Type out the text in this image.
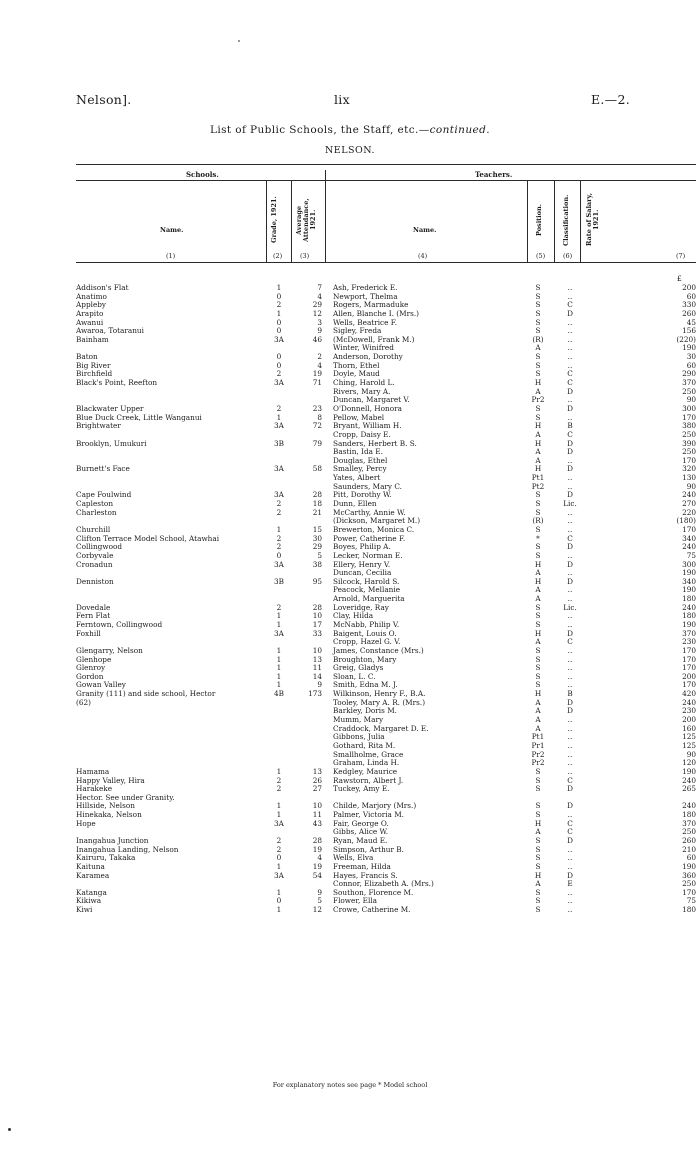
Nelson].	lix	E.—2.
List of Public Schools, the Staff, etc.—continued.
NELSON.
Schools.	Teachers.
Name.	Grade, 1921.	Average Attendance, 1921.	Name.	Position.	Classification. Rate of Salary, 1921.
(1)	(2)	(3)	(4)	(5)	(6)	(7)
£
Addison's Flat	1	7 Ash, Frederick E.	S	..	200
Anatimo	0	4 Newport, Thelma	S	..	60
Appleby	2	29 Rogers, Marmaduke	S	C	330
Arapito	1	12 Allen, Blanche I. (Mrs.)	S	D	260
Awanui	0	3 Wells, Beatrice F.	S	..	45
Awaroa, Totaranui	0	9 Sigley, Freda	S	..	156
Bainham	3A	46 (McDowell, Frank M.)	(R)	..	(220)
Winter, Winifred	A	..	190
Baton	0	2 Anderson, Dorothy	S	..	30
Big River	0	4 Thorn, Ethel	S	..	60
Birchfield	2	19 Doyle, Maud	S	C	290
Black's Point, Reefton	3A	71 Ching, Harold L.	H	C	370
Rivers, Mary A.	A	D	250
Duncan, Margaret V.	Pr2	..	90
Blackwater Upper	2	23 O'Donnell, Honora	S	D	300
Blue Duck Creek, Little Wanganui	1	8 Pellow, Mabel	S	..	170
Brightwater	3A	72 Bryant, William H.	H	B	380
Cropp, Daisy E.	A	C	250
Brooklyn, Umukuri	3B	79 Sanders, Herbert B. S.	H	D	390
Bastin, Ida E.	A	D	250
Douglas, Ethel	A	..	170
Burnett's Face	3A	58 Smalley, Percy	H	D	320
Yates, Albert	Pt1	..	130
Saunders, Mary C.	Pt2	..	90
Cape Foulwind	3A	28 Pitt, Dorothy W.	S	D	240
Capleston	2	18 Dunn, Ellen	S	Lic.	270
Charleston	2	21 McCarthy, Annie W.	S	..	220
(Dickson, Margaret M.)	(R)	..	(180)
Churchill	1	15 Brewerton, Monica C.	S	..	170
Clifton Terrace Model School, Atawhai	2	30 Power, Catherine F.	*	C	340
Collingwood	2	29 Boyes, Philip A.	S	D	240
Corbyvale	0	5 Lecker, Norman E.	S	..	75
Cronadun	3A	38 Ellery, Henry V.	H	D	300
Duncan, Cecilia	A	..	190
Denniston	3B	95 Silcock, Harold S.	H	D	340
Peacock, Mellanie	A	..	190
Arnold, Marguerita	A	..	180
Dovedale	2	28 Loveridge, Ray	S	Lic.	240
Fern Flat	1	10 Clay, Hilda	S	..	180
Ferntown, Collingwood	1	17 McNabb, Philip V.	S	..	190
Foxhill	3A	33 Baigent, Louis O.	H	D	370
Cropp, Hazel G. V.	A	C	230
Glengarry, Nelson	1	10 James, Constance (Mrs.)	S	..	170
Glenhope	1	13 Broughton, Mary	S	..	170
Glenroy	1	11 Greig, Gladys	S	..	170
Gordon	1	14 Sloan, L. C.	S	..	200
Gowan Valley	1	9 Smith, Edna M. J.	S	..	170
Granity (111) and side school, Hector	4B	173 Wilkinson, Henry F., B.A.	H	B	420
(62)	Tooley, Mary A. R. (Mrs.)	A	D	240
Barkley, Doris M.	A	D	230
Mumm, Mary	A	..	200
Craddock, Margaret D. E.	A	..	160
Gibbons, Julia	Pt1	..	125
Gothard, Rita M.	Pr1	..	125
Smallholme, Grace	Pr2	..	90
Graham, Linda H.	Pr2	..	120
Hamama	1	13 Kedgley, Maurice	S	..	190
Happy Valley, Hira	2	26 Rawstorn, Albert J.	S	C	240
Harakeke	2	27 Tuckey, Amy E.	S	D	265
Hector. See under Granity.
Hillside, Nelson	1	10 Childe, Marjory (Mrs.)	S	D	240
Hinekaka, Nelson	1	11 Palmer, Victoria M.	S	..	180
Hope	3A	43 Fair, George O.	H	C	370
Gibbs, Alice W.	A	C	250
Inangahua Junction	2	28 Ryan, Maud E.	S	D	260
Inangahua Landing, Nelson	2	19 Simpson, Arthur B.	S	..	210
Kairuru, Takaka	0	4 Wells, Elva	S	..	60
Kaituna	1	19 Freeman, Hilda	S	..	190
Karamea	3A	54 Hayes, Francis S.	H	D	360
Connor, Elizabeth A. (Mrs.)	A	E	250
Katanga	1	9 Southon, Florence M.	S	..	170
Kikiwa	0	5 Flower, Ella	S	..	75
Kiwi	1	12 Crowe, Catherine M.	S	..	180
For explanatory notes see page * Model school
